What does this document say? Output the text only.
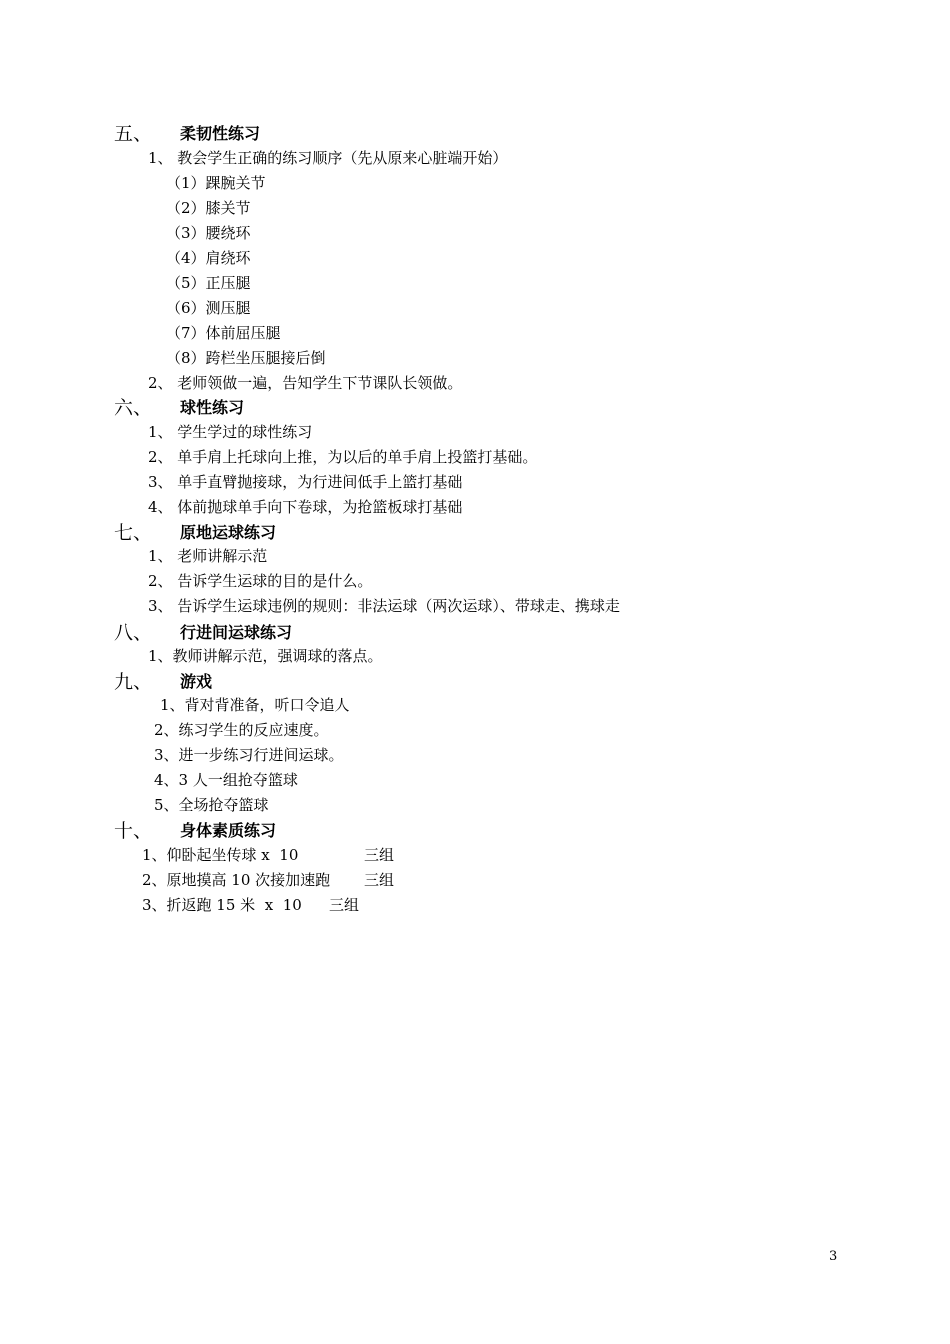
五、 柔韧性练习
1、 教会学生正确的练习顺序（先从原来心脏端开始）
（1）踝腕关节
（2）膝关节
（3）腰绕环
（4）肩绕环
（5）正压腿
（6）测压腿
（7）体前屈压腿
（8）跨栏坐压腿接后倒
2、 老师领做一遍，告知学生下节课队长领做。
六、 球性练习
1、 学生学过的球性练习
2、 单手肩上托球向上推，为以后的单手肩上投篮打基础。
3、 单手直臂抛接球，为行进间低手上篮打基础
4、 体前抛球单手向下卷球，为抢篮板球打基础
七、 原地运球练习
1、 老师讲解示范
2、 告诉学生运球的目的是什么。
3、 告诉学生运球违例的规则：非法运球（两次运球）、带球走、携球走
八、 行进间运球练习
1、教师讲解示范，强调球的落点。
九、 游戏
1、背对背准备，听口令追人
2、练习学生的反应速度。
3、进一步练习行进间运球。
4、3 人一组抢夺篮球
5、全场抢夺篮球
十、 身体素质练习
1、仰卧起坐传球 x  10	三组
2、原地摸高 10 次接加速跑 三组
3、折返跑 15 米  x  10 三组
3
